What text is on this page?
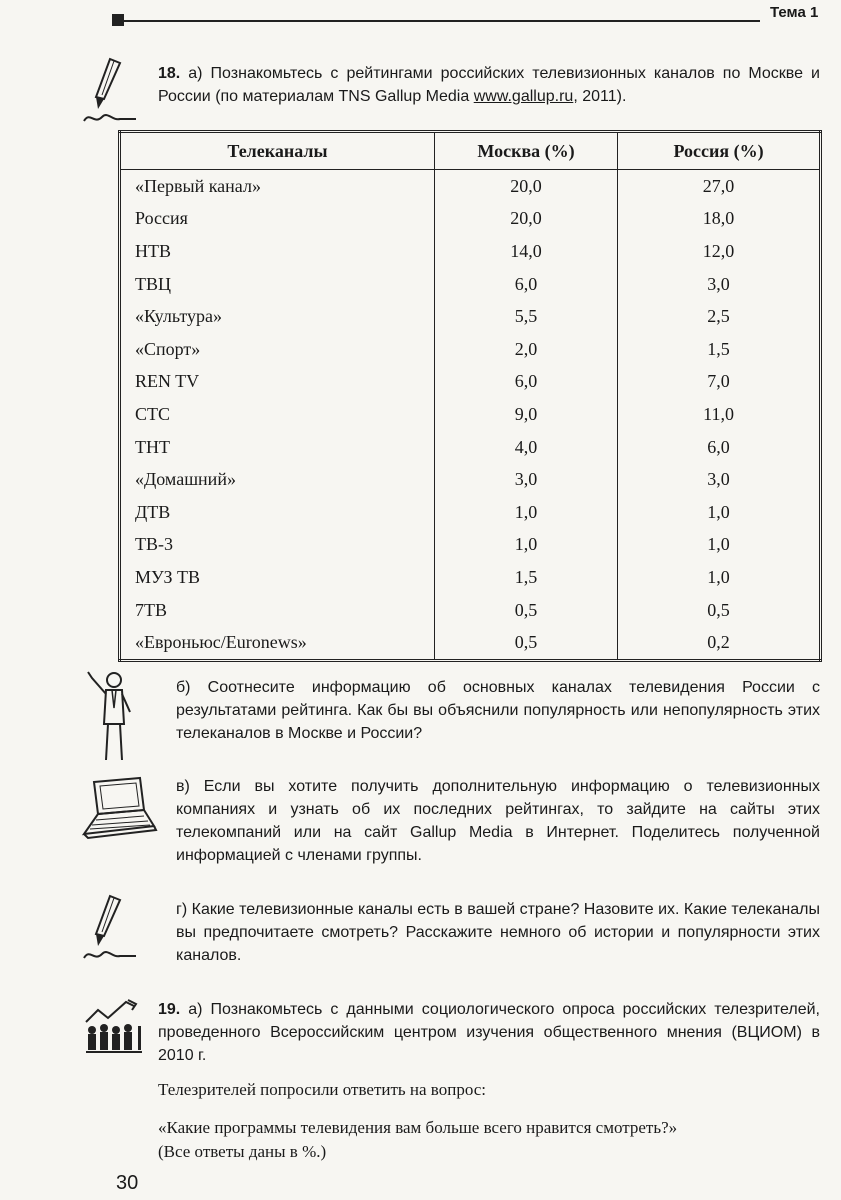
Тема 1
18. а) Познакомьтесь с рейтингами российских телевизионных каналов по Москве и России (по материалам TNS Gallup Media www.gallup.ru, 2011).
Телеканалы	Москва (%)	Россия (%)
«Первый канал»	20,0	27,0
Россия	20,0	18,0
НТВ	14,0	12,0
ТВЦ	6,0	3,0
«Культура»	5,5	2,5
«Спорт»	2,0	1,5
REN TV	6,0	7,0
СТС	9,0	11,0
ТНТ	4,0	6,0
«Домашний»	3,0	3,0
ДТВ	1,0	1,0
ТВ-3	1,0	1,0
МУЗ ТВ	1,5	1,0
7ТВ	0,5	0,5
«Евроньюс/Euronews»	0,5	0,2
б) Соотнесите информацию об основных каналах телевидения России с результатами рейтинга. Как бы вы объяснили популярность или непопулярность этих телеканалов в Москве и России?
в) Если вы хотите получить дополнительную информацию о телевизионных компаниях и узнать об их последних рейтингах, то зайдите на сайты этих телекомпаний или на сайт Gallup Media в Интернет. Поделитесь полученной информацией с членами группы.
г) Какие телевизионные каналы есть в вашей стране? Назовите их. Какие телеканалы вы предпочитаете смотреть? Расскажите немного об истории и популярности этих каналов.
19. а) Познакомьтесь с данными социологического опроса российских телезрителей, проведенного Всероссийским центром изучения общественного мнения (ВЦИОМ) в 2010 г.
Телезрителей попросили ответить на вопрос:
«Какие программы телевидения вам больше всего нравится смотреть?»
(Все ответы даны в %.)
30
